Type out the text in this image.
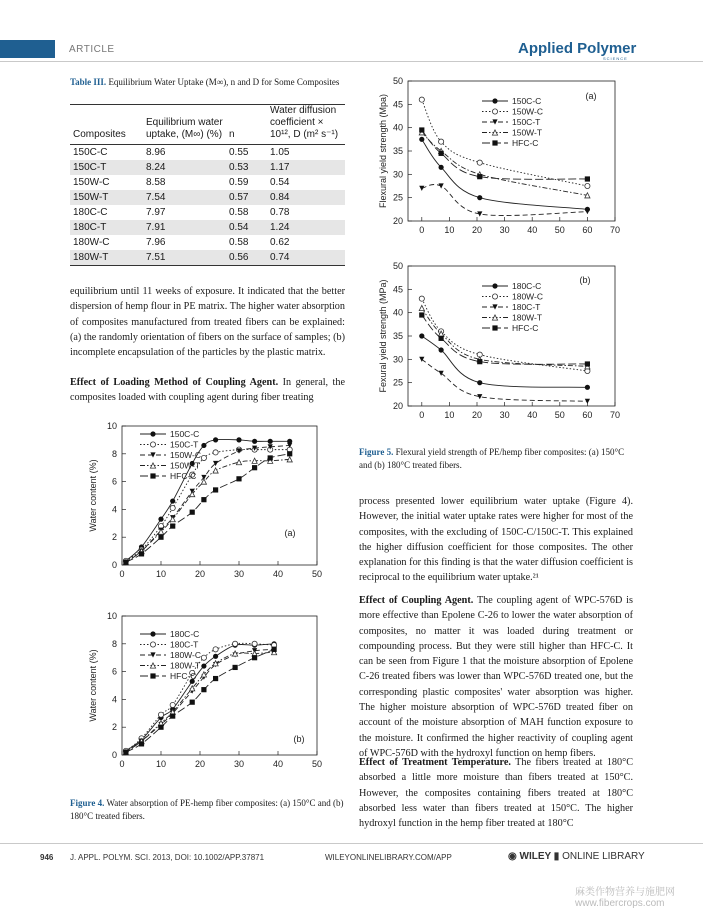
ARTICLE	Applied Polymer
SCIENCE
Table III. Equilibrium Water Uptake (M∞), n and D for Some Composites
Composites	Equilibrium water uptake, (M∞) (%)	n	Water diffusion coefficient × 10¹², D (m² s⁻¹)
150C-C	8.96	0.55	1.05
150C-T	8.24	0.53	1.17
150W-C	8.58	0.59	0.54
150W-T	7.54	0.57	0.84
180C-C	7.97	0.58	0.78
180C-T	7.91	0.54	1.24
180W-C	7.96	0.58	0.62
180W-T	7.51	0.56	0.74
equilibrium until 11 weeks of exposure. It indicated that the better dispersion of hemp flour in PE matrix. The higher water absorption of composites manufactured from treated fibers can be explained: (a) the randomly orientation of fibers on the surface of samples; (b) incomplete encapsulation of the particles by the plastic matrix.
Effect of Loading Method of Coupling Agent. In general, the composites loaded with coupling agent during fiber treating
0	10	20	30	40	50
0
2
4
6
8
10
Water content (%)
(a)
150C-C
150C-T
150W-C
150W-T
HFC-C
0	10	20	30	40	50
0
2
4
6
8
10
Water content (%)
(b)
180C-C
180C-T
180W-C
180W-T
HFC-C
Figure 4. Water absorption of PE-hemp fiber composites: (a) 150°C and (b) 180°C treated fibers.
0 10 20 30 40 50 60 70
20
25
30
35
40
45
50
Flexural yield strength (Mpa)	(a)
150C-C
150W-C
150C-T
150W-T
HFC-C
0 10 20 30 40 50 60 70
20
25
30
35
40
45
50
Fexural yield strength (MPa)	(b)
180C-C
180W-C
180C-T
180W-T
HFC-C
Figure 5. Flexural yield strength of PE/hemp fiber composites: (a) 150°C and (b) 180°C treated fibers.
process presented lower equilibrium water uptake (Figure 4). However, the initial water uptake rates were higher for most of the composites, with the excluding of 150C-C/150C-T. This explained the higher diffusion coefficient for those composites. The other explanation for this finding is that the water diffusion coefficient is reciprocal to the equilibrium water uptake.²¹
Effect of Coupling Agent. The coupling agent of WPC-576D is more effective than Epolene C-26 to lower the water absorption of composites, no matter it was loaded during treatment or compounding process. But they were still higher than HFC-C. It can be seen from Figure 1 that the moisture absorption of Epolene C-26 treated fibers was lower than WPC-576D treated one, but the corresponding plastic composites' water absorption was higher. The higher moisture absorption of WPC-576D treated fiber on account of the moisture absorption of MAH function exposure to the moisture. It confirmed the higher reactivity of coupling agent of WPC-576D with the hydroxyl function on hemp fibers.
Effect of Treatment Temperature. The fibers treated at 180°C absorbed a little more moisture than fibers treated at 150°C. However, the composites containing fibers treated at 180°C absorbed less water than fibers treated at 150°C. The higher hydroxyl function in the hemp fiber treated at 180°C
946 J. APPL. POLYM. SCI. 2013, DOI: 10.1002/APP.37871	WILEYONLINELIBRARY.COM/APP	◉ WILEY ▮ ONLINE LIBRARY
麻类作物营养与施肥网 www.fibercrops.com
